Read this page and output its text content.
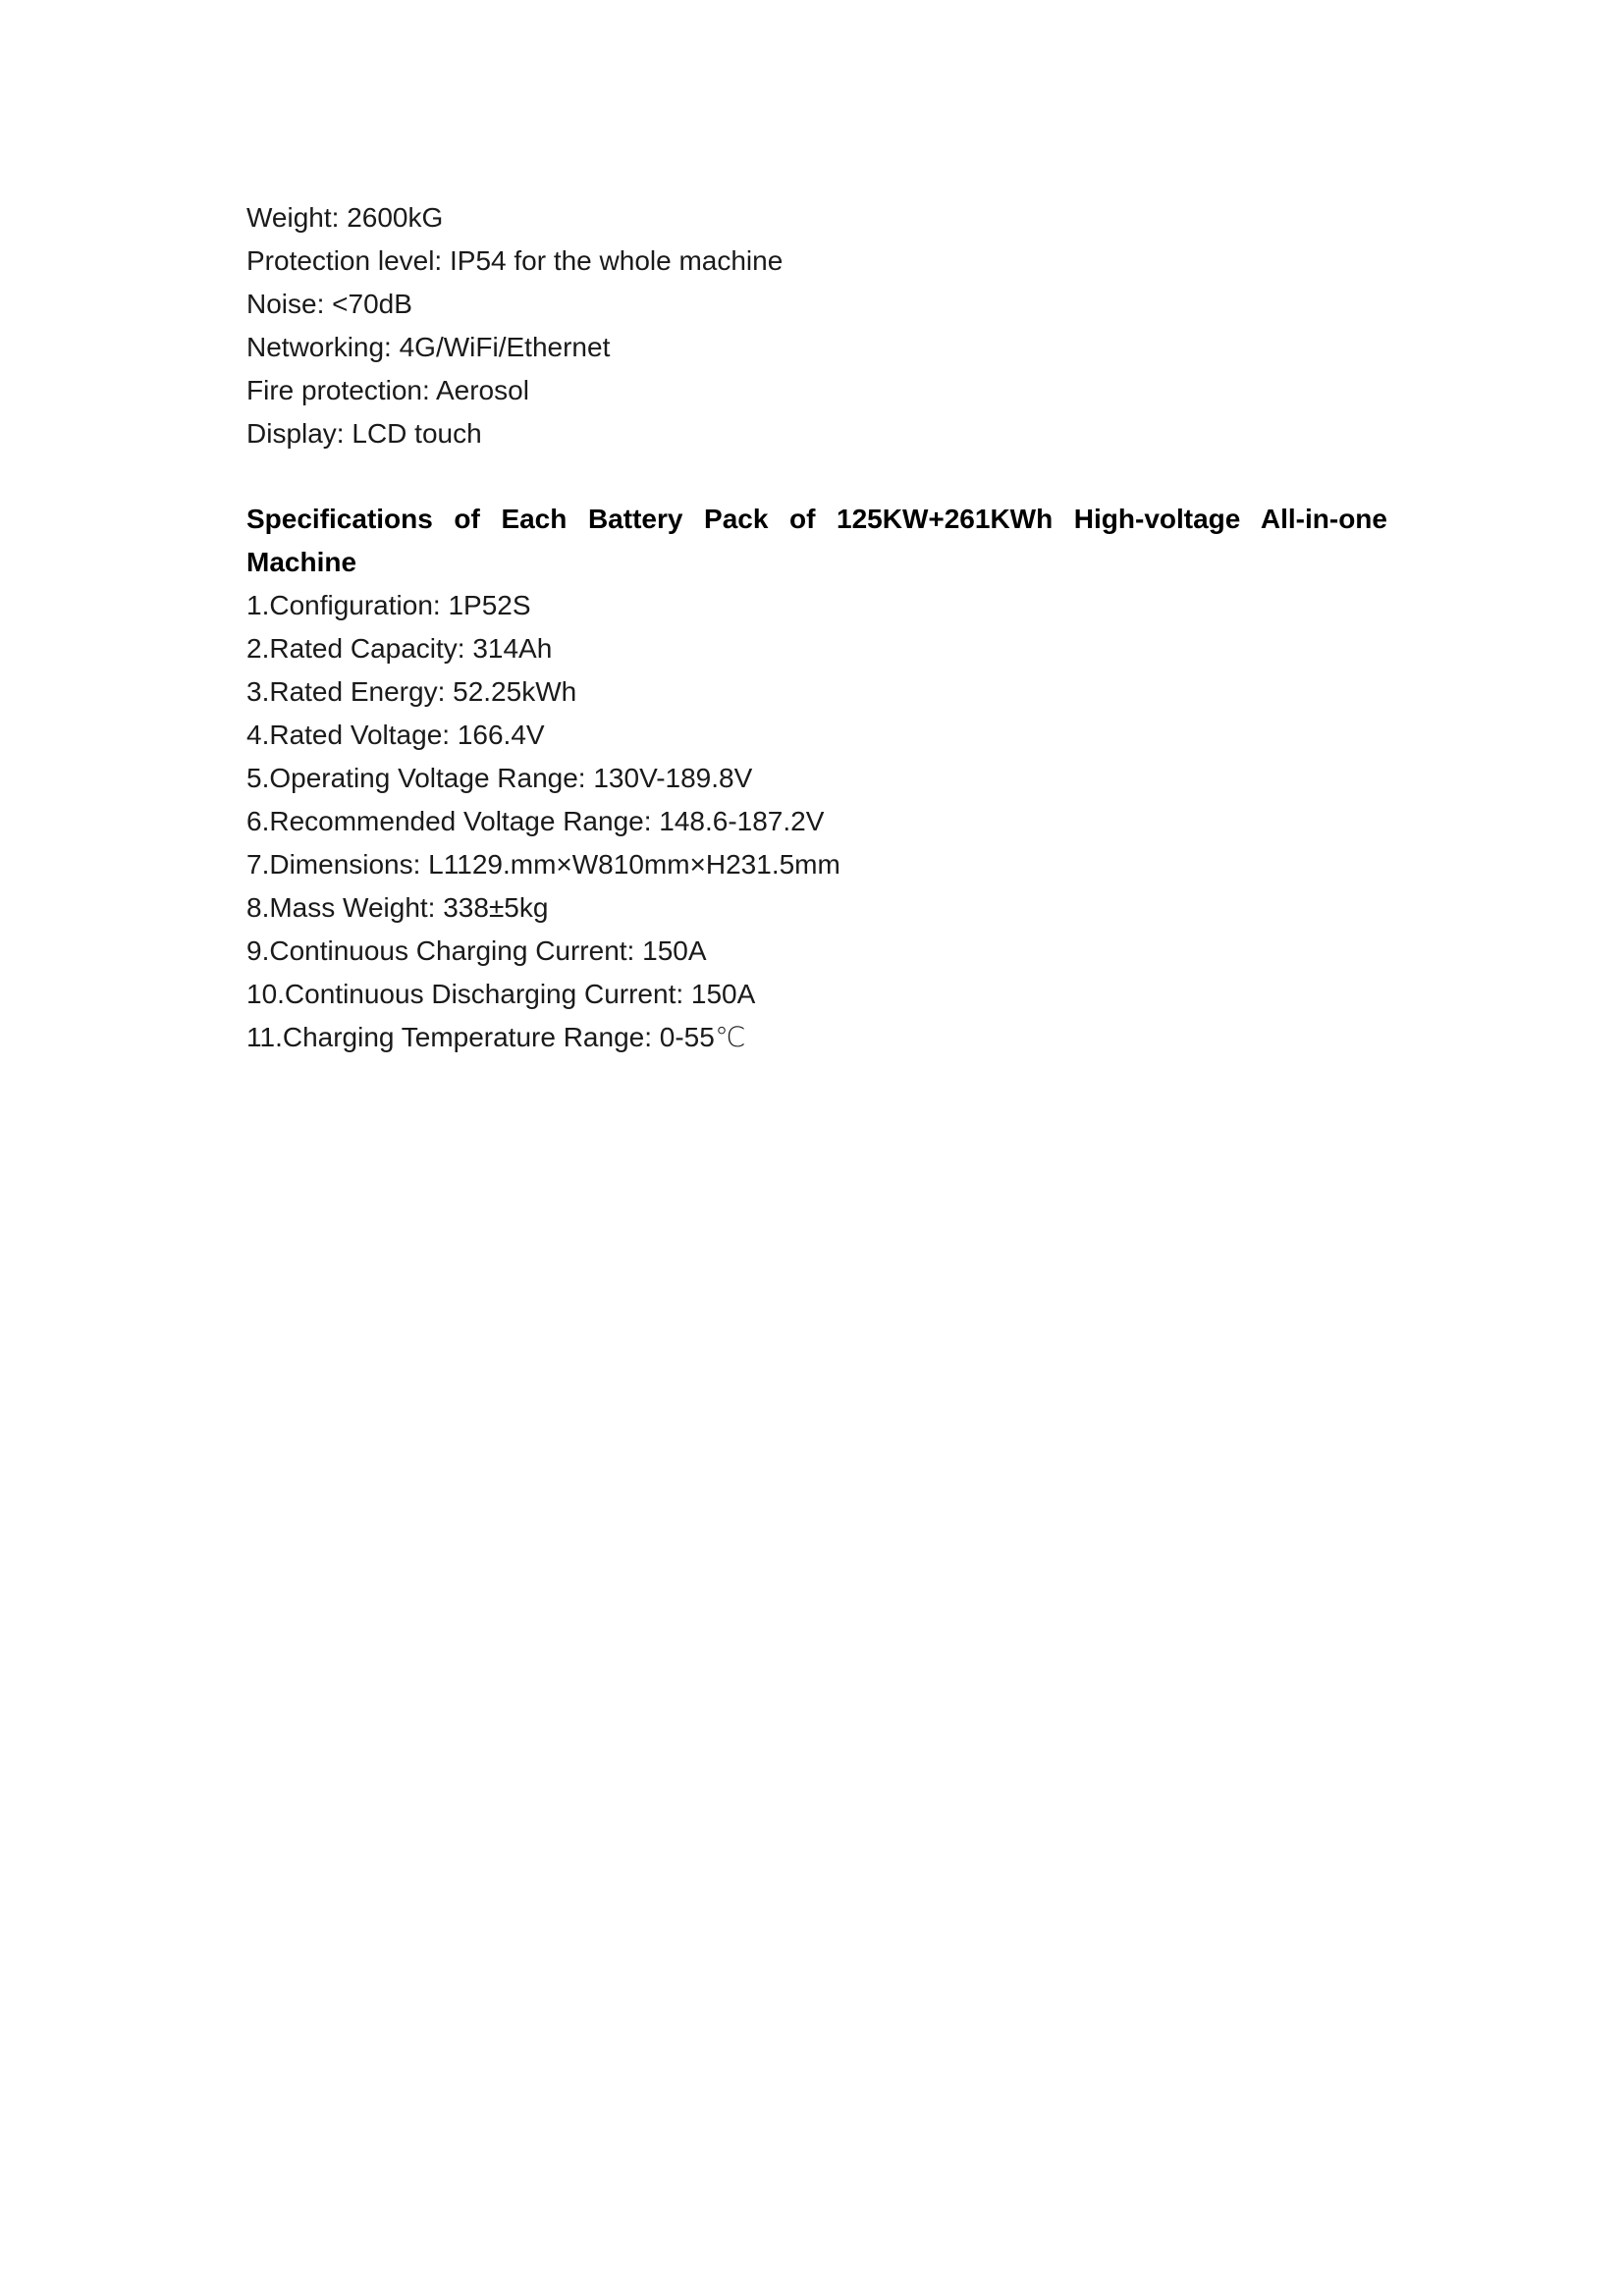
Weight: 2600kG
Protection level: IP54 for the whole machine
Noise: <70dB
Networking: 4G/WiFi/Ethernet
Fire protection: Aerosol
Display: LCD touch
Specifications of Each Battery Pack of 125KW+261KWh High-voltage All-in-one Machine
1.Configuration: 1P52S
2.Rated Capacity: 314Ah
3.Rated Energy: 52.25kWh
4.Rated Voltage: 166.4V
5.Operating Voltage Range: 130V-189.8V
6.Recommended Voltage Range: 148.6-187.2V
7.Dimensions: L1129.mm×W810mm×H231.5mm
8.Mass Weight: 338±5kg
9.Continuous Charging Current: 150A
10.Continuous Discharging Current: 150A
11.Charging Temperature Range: 0-55℃
